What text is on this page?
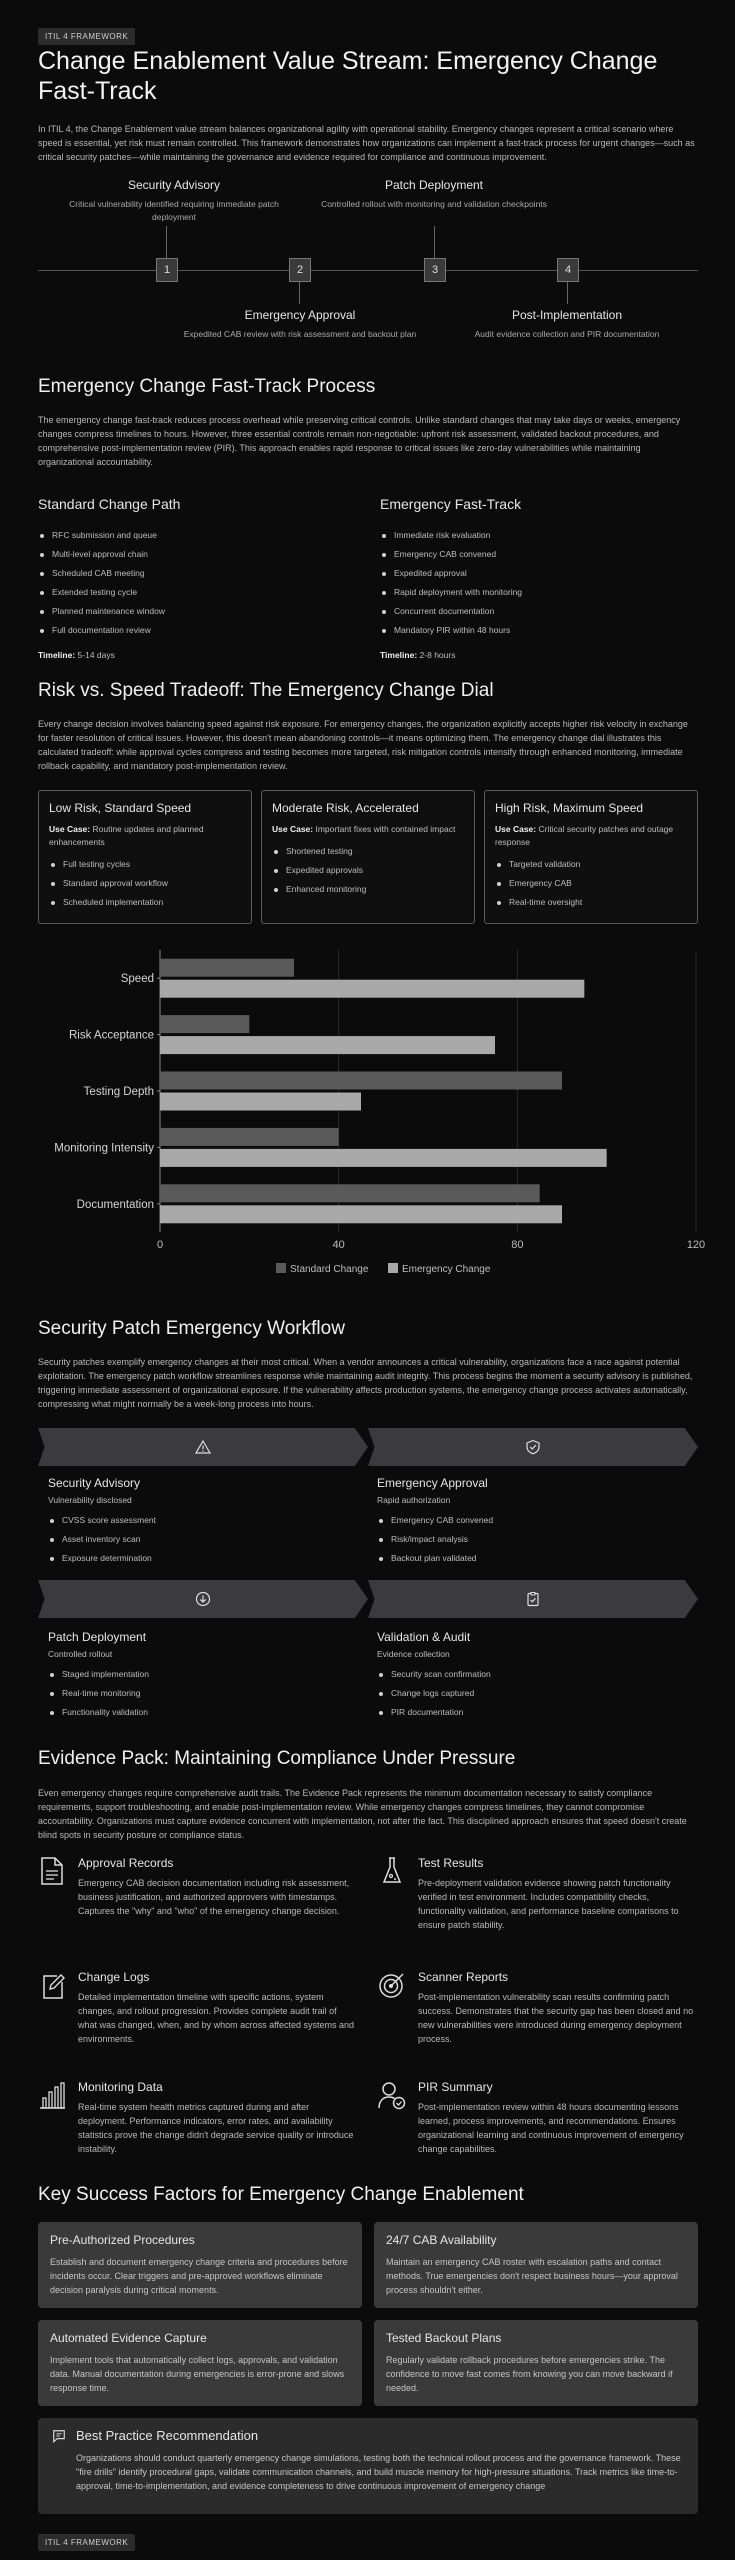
ITIL 4 FRAMEWORK
Change Enablement Value Stream: Emergency Change Fast-Track

In ITIL 4, the Change Enablement value stream balances organizational agility with operational stability. Emergency changes represent a critical scenario where speed is essential, yet risk must remain controlled. This framework demonstrates how organizations can implement a fast-track process for urgent changes—such as critical security patches—while maintaining the governance and evidence required for compliance and continuous improvement.

Security Advisory
Critical vulnerability identified requiring immediate patch deployment
1	2
Emergency Approval
Expedited CAB review with risk assessment and backout plan
Patch Deployment
Controlled rollout with monitoring and validation checkpoints
3	4
Post-Implementation
Audit evidence collection and PIR documentation
Emergency Change Fast-Track Process

The emergency change fast-track reduces process overhead while preserving critical controls. Unlike standard changes that may take days or weeks, emergency changes compress timelines to hours. However, three essential controls remain non-negotiable: upfront risk assessment, validated backout procedures, and comprehensive post-implementation review (PIR). This approach enables rapid response to critical issues like zero-day vulnerabilities while maintaining organizational accountability.

Standard Change Path
RFC submission and queue
Multi-level approval chain
Scheduled CAB meeting
Extended testing cycle
Planned maintenance window
Full documentation review
Timeline: 5-14 days
Emergency Fast-Track
Immediate risk evaluation
Emergency CAB convened
Expedited approval
Rapid deployment with monitoring
Concurrent documentation
Mandatory PIR within 48 hours
Timeline: 2-8 hours
Risk vs. Speed Tradeoff: The Emergency Change Dial

Every change decision involves balancing speed against risk exposure. For emergency changes, the organization explicitly accepts higher risk velocity in exchange for faster resolution of critical issues. However, this doesn't mean abandoning controls—it means optimizing them. The emergency change dial illustrates this calculated tradeoff: while approval cycles compress and testing becomes more targeted, risk mitigation controls intensify through enhanced monitoring, immediate rollback capability, and mandatory post-implementation review.

Low Risk, Standard Speed
Use Case: Routine updates and planned enhancements
Full testing cycles
Standard approval workflow
Scheduled implementation
Moderate Risk, Accelerated
Use Case: Important fixes with contained impact
Shortened testing
Expedited approvals
Enhanced monitoring
High Risk, Maximum Speed
Use Case: Critical security patches and outage response
Targeted validation
Emergency CAB
Real-time oversight
0	40	80	120
Speed
Risk Acceptance
Testing Depth
Monitoring Intensity
Documentation
Standard Change	Emergency Change
Security Patch Emergency Workflow

Security patches exemplify emergency changes at their most critical. When a vendor announces a critical vulnerability, organizations face a race against potential exploitation. The emergency patch workflow streamlines response while maintaining audit integrity. This process begins the moment a security advisory is published, triggering immediate assessment of organizational exposure. If the vulnerability affects production systems, the emergency change process activates automatically, compressing what might normally be a week-long process into hours.

Security Advisory
Vulnerability disclosed
CVSS score assessment
Asset inventory scan
Exposure determination
Emergency Approval
Rapid authorization
Emergency CAB convened
Risk/impact analysis
Backout plan validated
Patch Deployment
Controlled rollout
Staged implementation
Real-time monitoring
Functionality validation
Validation & Audit
Evidence collection
Security scan confirmation
Change logs captured
PIR documentation
Evidence Pack: Maintaining Compliance Under Pressure

Even emergency changes require comprehensive audit trails. The Evidence Pack represents the minimum documentation necessary to satisfy compliance requirements, support troubleshooting, and enable post-implementation review. While emergency changes compress timelines, they cannot compromise accountability. Organizations must capture evidence concurrent with implementation, not after the fact. This disciplined approach ensures that speed doesn't create blind spots in security posture or compliance status.

Approval Records
Emergency CAB decision documentation including risk assessment, business justification, and authorized approvers with timestamps. Captures the "why" and "who" of the emergency change decision.
Test Results
Pre-deployment validation evidence showing patch functionality verified in test environment. Includes compatibility checks, functionality validation, and performance baseline comparisons to ensure patch stability.
Change Logs
Detailed implementation timeline with specific actions, system changes, and rollout progression. Provides complete audit trail of what was changed, when, and by whom across affected systems and environments.
Scanner Reports
Post-implementation vulnerability scan results confirming patch success. Demonstrates that the security gap has been closed and no new vulnerabilities were introduced during emergency deployment process.
Monitoring Data
Real-time system health metrics captured during and after deployment. Performance indicators, error rates, and availability statistics prove the change didn't degrade service quality or introduce instability.
PIR Summary
Post-implementation review within 48 hours documenting lessons learned, process improvements, and recommendations. Ensures organizational learning and continuous improvement of emergency change capabilities.
Key Success Factors for Emergency Change Enablement
Pre-Authorized Procedures
Establish and document emergency change criteria and procedures before incidents occur. Clear triggers and pre-approved workflows eliminate decision paralysis during critical moments.
24/7 CAB Availability
Maintain an emergency CAB roster with escalation paths and contact methods. True emergencies don't respect business hours—your approval process shouldn't either.
Automated Evidence Capture
Implement tools that automatically collect logs, approvals, and validation data. Manual documentation during emergencies is error-prone and slows response time.
Tested Backout Plans
Regularly validate rollback procedures before emergencies strike. The confidence to move fast comes from knowing you can move backward if needed.
Best Practice Recommendation
Organizations should conduct quarterly emergency change simulations, testing both the technical rollout process and the governance framework. These "fire drills" identify procedural gaps, validate communication channels, and build muscle memory for high-pressure situations. Track metrics like time-to-approval, time-to-implementation, and evidence completeness to drive continuous improvement of emergency change
ITIL 4 FRAMEWORK
